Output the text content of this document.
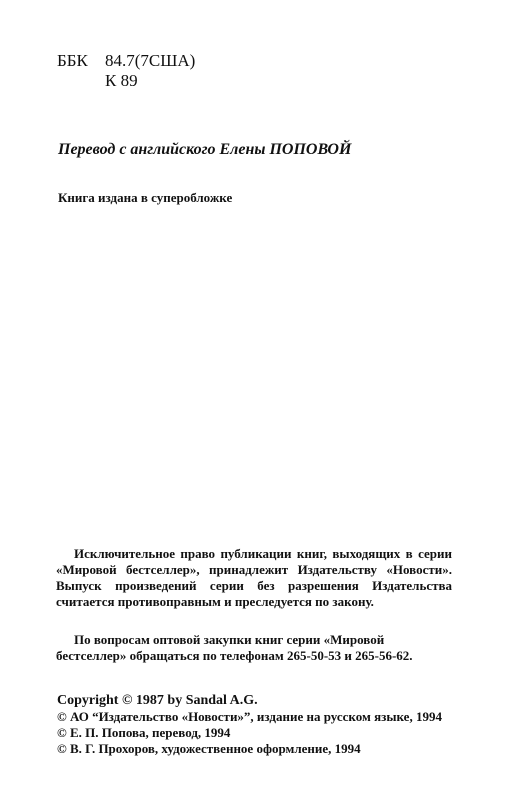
ББК 84.7(7США)
К 89
Перевод с английского Елены ПОПОВОЙ
Книга издана в суперобложке

Исключительное право публикации книг, выходящих в серии «Мировой бестселлер», принадлежит Издательству «Новости». Выпуск произведений серии без разрешения Издательства считается противоправным и преследуется по закону.

По вопросам оптовой закупки книг серии «Мировой бестселлер» обращаться по телефонам 265-50-53 и 265-56-62.

Copyright © 1987 by Sandal A.G.
© АО “Издательство «Новости»”, издание на русском языке, 1994
© Е. П. Попова, перевод, 1994
© В. Г. Прохоров, художественное оформление, 1994
